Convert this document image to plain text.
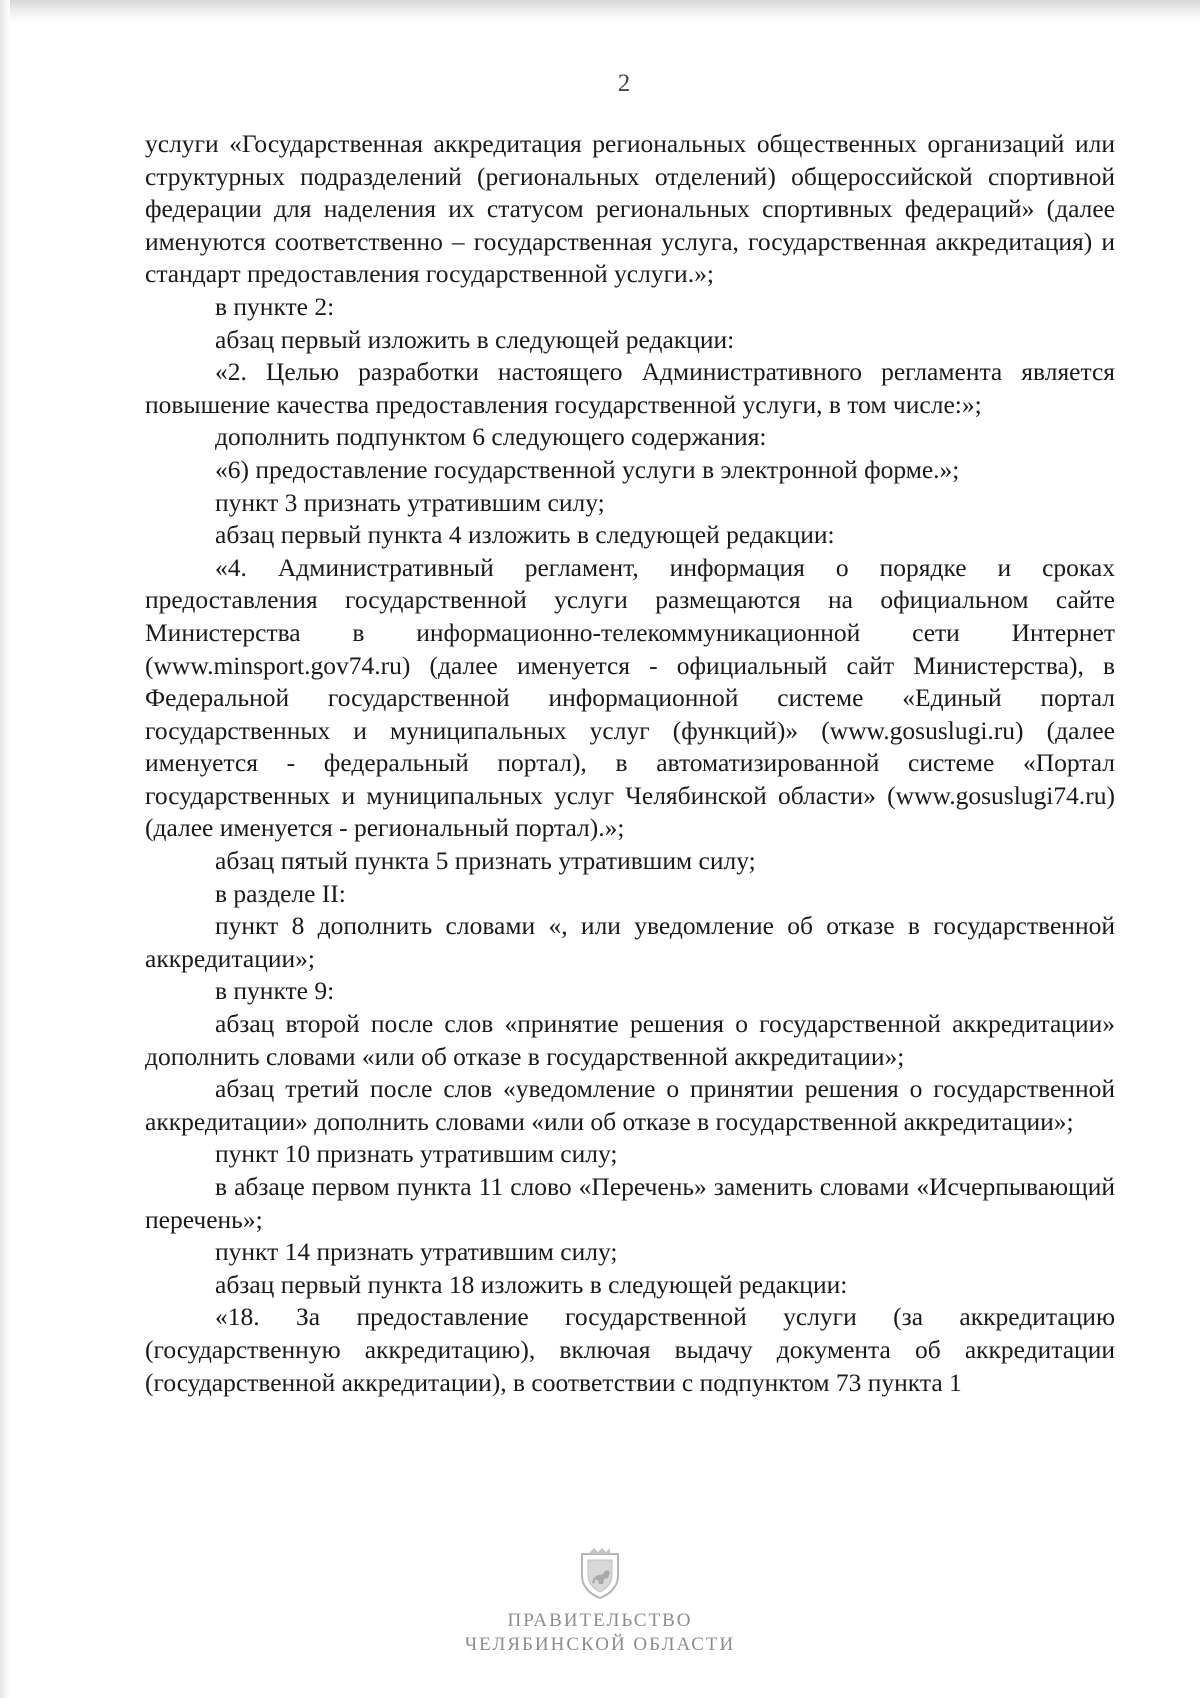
2

услуги «Государственная аккредитация региональных общественных организаций или структурных подразделений (региональных отделений) общероссийской спортивной федерации для наделения их статусом региональных спортивных федераций» (далее именуются соответственно – государственная услуга, государственная аккредитация) и стандарт предоставления государственной услуги.»;

в пункте 2:

абзац первый изложить в следующей редакции:

«2. Целью разработки настоящего Административного регламента является повышение качества предоставления государственной услуги, в том числе:»;

дополнить подпунктом 6 следующего содержания:

«6) предоставление государственной услуги в электронной форме.»;

пункт 3 признать утратившим силу;

абзац первый пункта 4 изложить в следующей редакции:

«4. Административный регламент, информация о порядке и сроках предоставления государственной услуги размещаются на официальном сайте Министерства в информационно-телекоммуникационной сети Интернет (www.minsport.gov74.ru) (далее именуется - официальный сайт Министерства), в Федеральной государственной информационной системе «Единый портал государственных и муниципальных услуг (функций)» (www.gosuslugi.ru) (далее именуется - федеральный портал), в автоматизированной системе «Портал государственных и муниципальных услуг Челябинской области» (www.gosuslugi74.ru) (далее именуется - региональный портал).»;

абзац пятый пункта 5 признать утратившим силу;

в разделе II:

пункт 8 дополнить словами «, или уведомление об отказе в государственной аккредитации»;

в пункте 9:

абзац второй после слов «принятие решения о государственной аккредитации» дополнить словами «или об отказе в государственной аккредитации»;

абзац третий после слов «уведомление о принятии решения о государственной аккредитации» дополнить словами «или об отказе в государственной аккредитации»;

пункт 10 признать утратившим силу;

в абзаце первом пункта 11 слово «Перечень» заменить словами «Исчерпывающий перечень»;

пункт 14 признать утратившим силу;

абзац первый пункта 18 изложить в следующей редакции:

«18. За предоставление государственной услуги (за аккредитацию (государственную аккредитацию), включая выдачу документа об аккредитации (государственной аккредитации), в соответствии с подпунктом 73 пункта 1

ПРАВИТЕЛЬСТВО
ЧЕЛЯБИНСКОЙ ОБЛАСТИ
